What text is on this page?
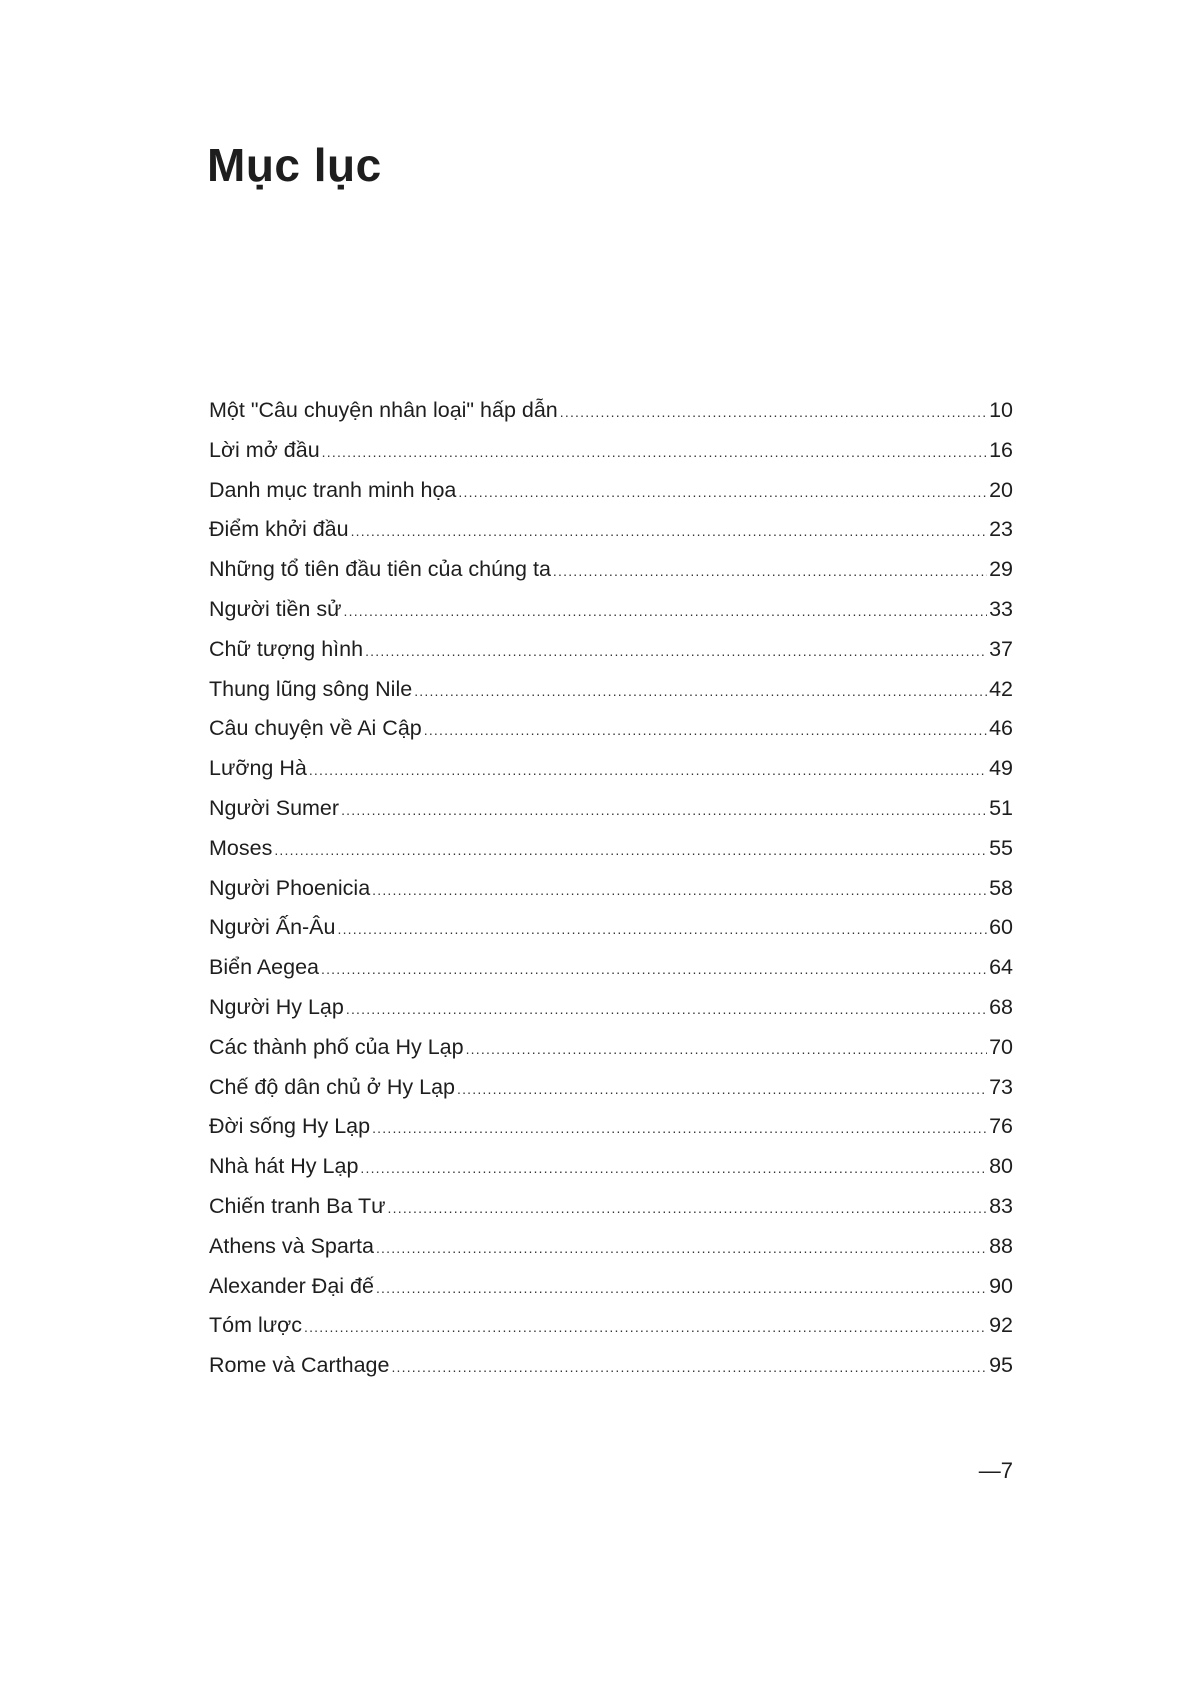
Mục lục
Một "Câu chuyện nhân loại" hấp dẫn .....	10
Lời mở đầu .....	16
Danh mục tranh minh họa .....	20
Điểm khởi đầu .....	23
Những tổ tiên đầu tiên của chúng ta .....	29
Người tiền sử .....	33
Chữ tượng hình .....	37
Thung lũng sông Nile .....	42
Câu chuyện về Ai Cập .....	46
Lưỡng Hà .....	49
Người Sumer .....	51
Moses .....	55
Người Phoenicia .....	58
Người Ấn-Âu .....	60
Biển Aegea .....	64
Người Hy Lạp .....	68
Các thành phố của Hy Lạp .....	70
Chế độ dân chủ ở Hy Lạp .....	73
Đời sống Hy Lạp .....	76
Nhà hát Hy Lạp .....	80
Chiến tranh Ba Tư .....	83
Athens và Sparta .....	88
Alexander Đại đế .....	90
Tóm lược .....	92
Rome và Carthage .....	95
—7
